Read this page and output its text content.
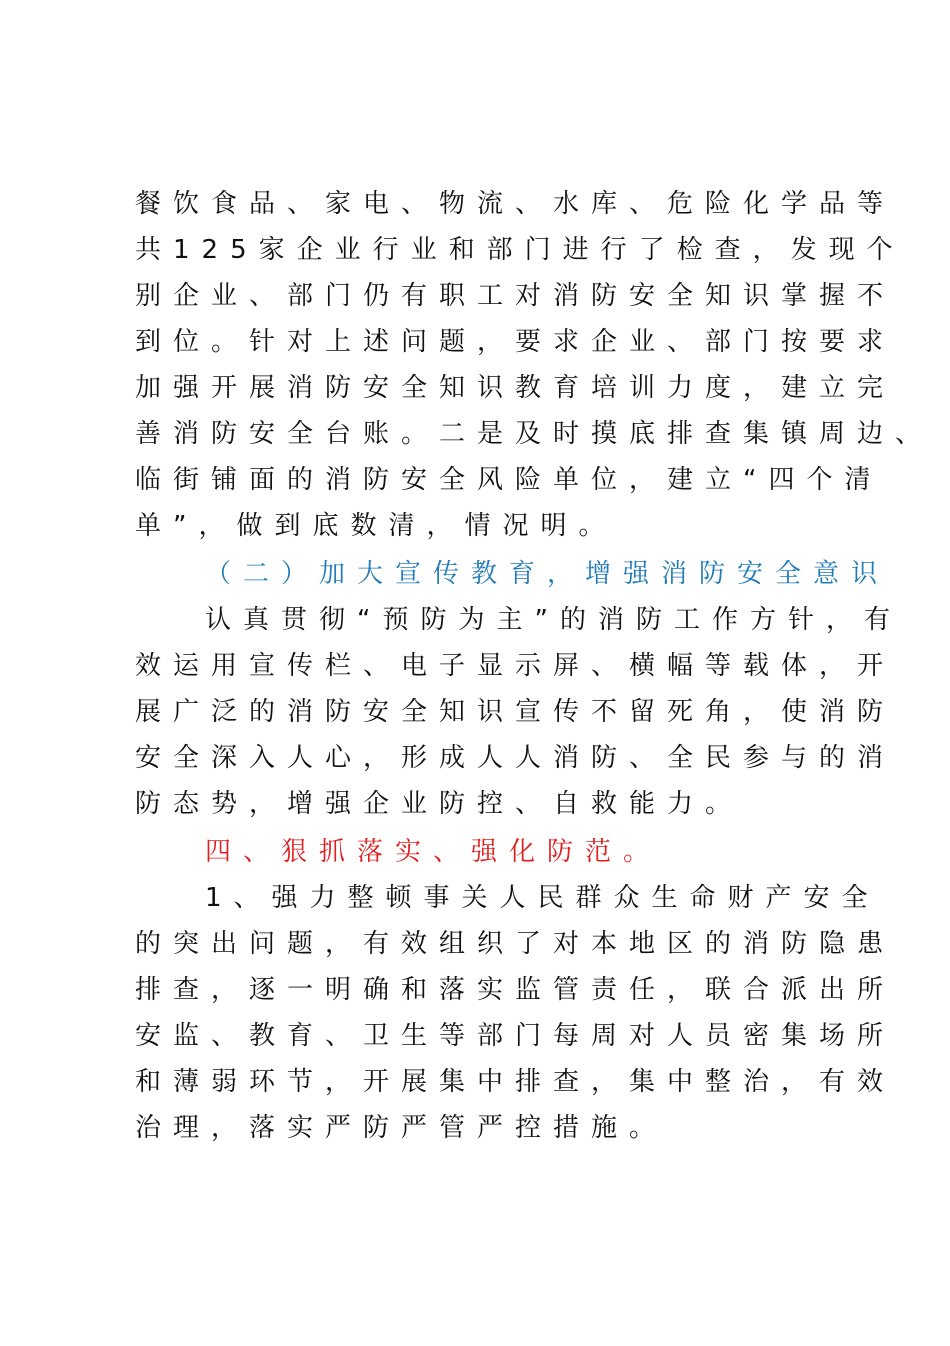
餐饮食品、家电、物流、水库、危险化学品等
共125家企业行业和部门进行了检查，发现个
别企业、部门仍有职工对消防安全知识掌握不
到位。针对上述问题，要求企业、部门按要求
加强开展消防安全知识教育培训力度，建立完
善消防安全台账。二是及时摸底排查集镇周边、
临街铺面的消防安全风险单位，建立“四个清
单”，做到底数清，情况明。
（二）加大宣传教育，增强消防安全意识
认真贯彻“预防为主”的消防工作方针，有
效运用宣传栏、电子显示屏、横幅等载体，开
展广泛的消防安全知识宣传不留死角，使消防
安全深入人心，形成人人消防、全民参与的消
防态势，增强企业防控、自救能力。
四、狠抓落实、强化防范。
1、强力整顿事关人民群众生命财产安全
的突出问题，有效组织了对本地区的消防隐患
排查，逐一明确和落实监管责任，联合派出所
安监、教育、卫生等部门每周对人员密集场所
和薄弱环节，开展集中排查，集中整治，有效
治理，落实严防严管严控措施。
